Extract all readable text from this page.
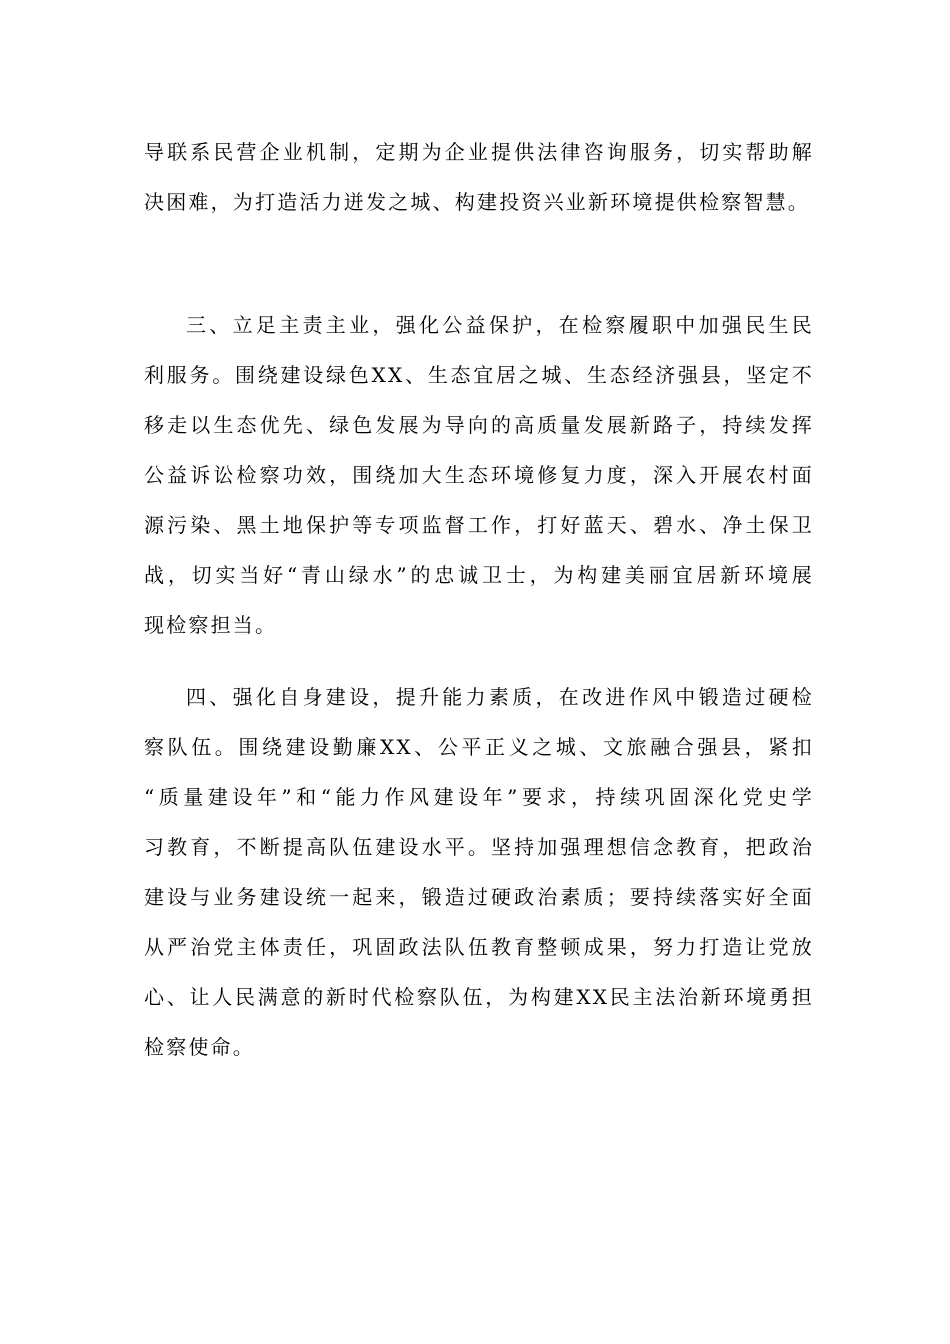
导联系民营企业机制，定期为企业提供法律咨询服务，切实帮助解
决困难，为打造活力迸发之城、构建投资兴业新环境提供检察智慧。
三、立足主责主业，强化公益保护，在检察履职中加强民生民
利服务。围绕建设绿色XX、生态宜居之城、生态经济强县，坚定不
移走以生态优先、绿色发展为导向的高质量发展新路子，持续发挥
公益诉讼检察功效，围绕加大生态环境修复力度，深入开展农村面
源污染、黑土地保护等专项监督工作，打好蓝天、碧水、净土保卫
战，切实当好“青山绿水”的忠诚卫士，为构建美丽宜居新环境展
现检察担当。
四、强化自身建设，提升能力素质，在改进作风中锻造过硬检
察队伍。围绕建设勤廉XX、公平正义之城、文旅融合强县，紧扣
“质量建设年”和“能力作风建设年”要求，持续巩固深化党史学
习教育，不断提高队伍建设水平。坚持加强理想信念教育，把政治
建设与业务建设统一起来，锻造过硬政治素质；要持续落实好全面
从严治党主体责任，巩固政法队伍教育整顿成果，努力打造让党放
心、让人民满意的新时代检察队伍，为构建XX民主法治新环境勇担
检察使命。
